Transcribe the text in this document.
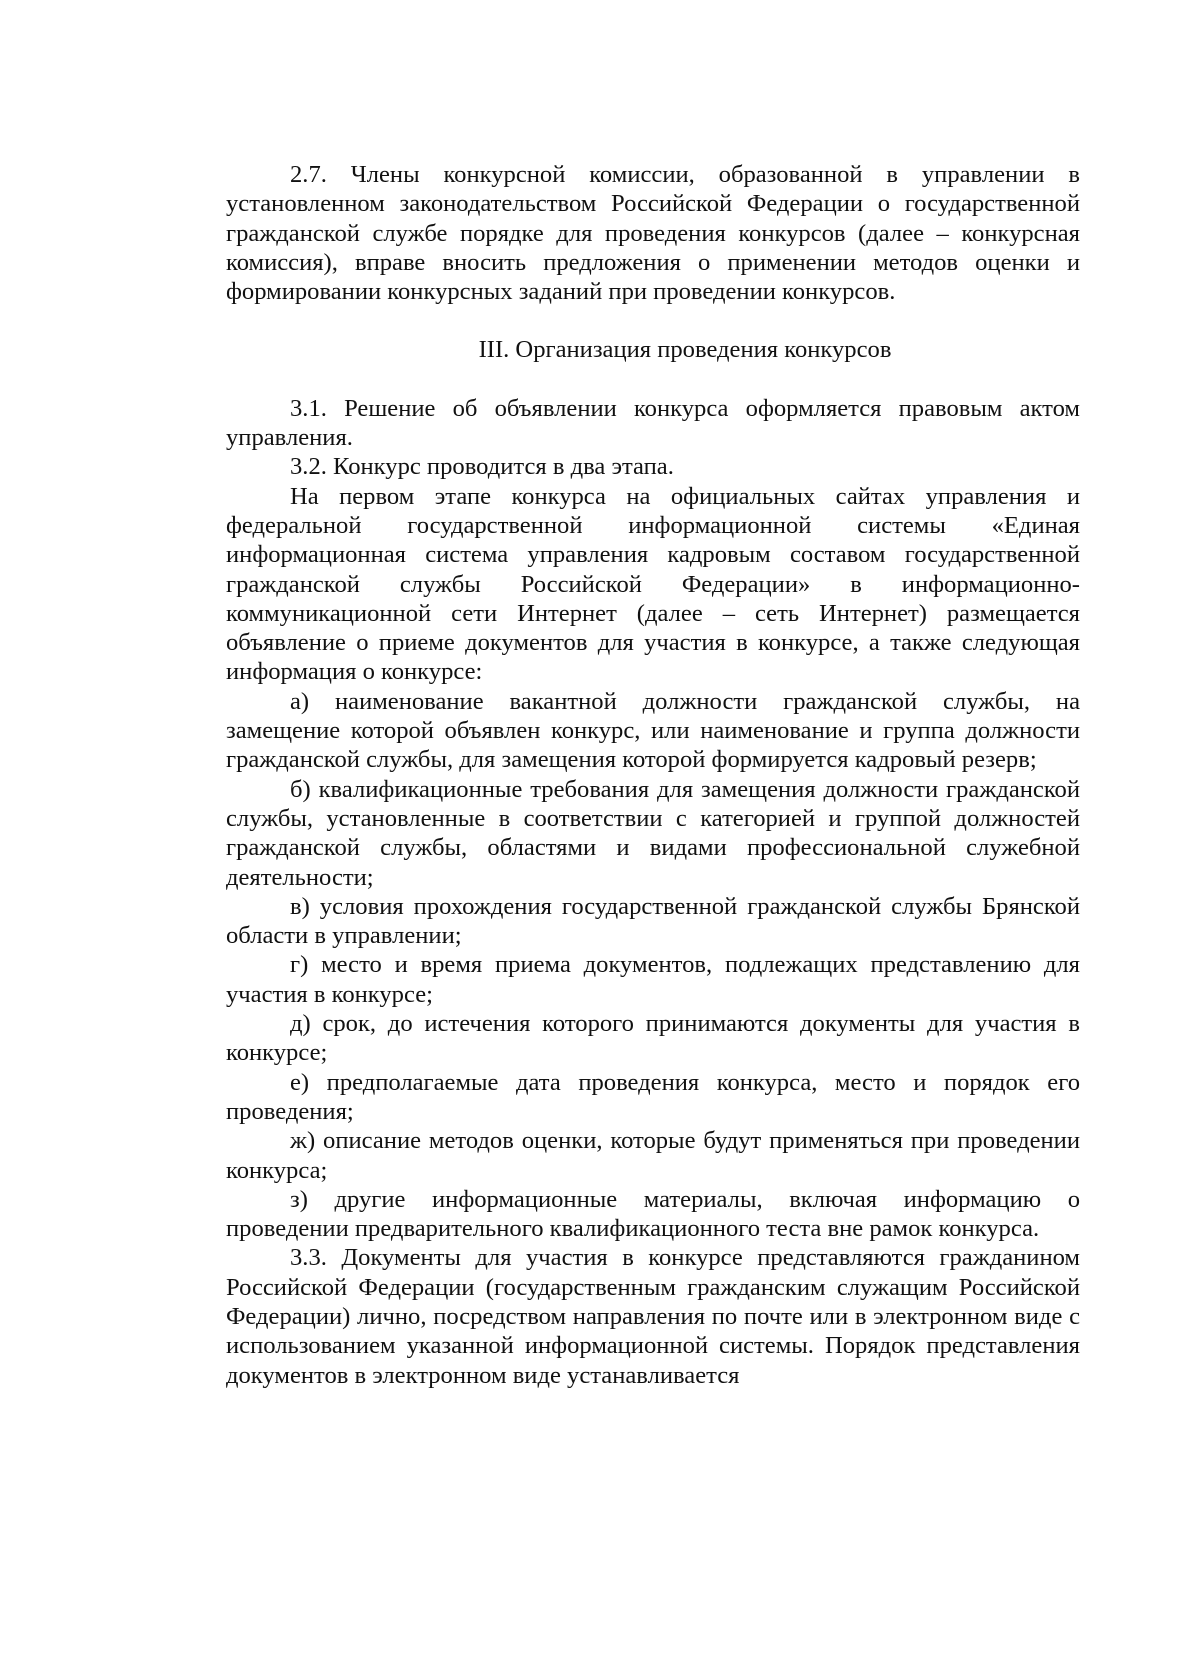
2.7. Члены конкурсной комиссии, образованной в управлении в установленном законодательством Российской Федерации о государственной гражданской службе порядке для проведения конкурсов (далее – конкурсная комиссия), вправе вносить предложения о применении методов оценки и формировании конкурсных заданий при проведении конкурсов.

III. Организация проведения конкурсов

3.1. Решение об объявлении конкурса оформляется правовым актом управления.

3.2. Конкурс проводится в два этапа.

На первом этапе конкурса на официальных сайтах управления и федеральной государственной информационной системы «Единая информационная система управления кадровым составом государственной гражданской службы Российской Федерации» в информационно-коммуникационной сети Интернет (далее – сеть Интернет) размещается объявление о приеме документов для участия в конкурсе, а также следующая информация о конкурсе:

а) наименование вакантной должности гражданской службы, на замещение которой объявлен конкурс, или наименование и группа должности гражданской службы, для замещения которой формируется кадровый резерв;

б) квалификационные требования для замещения должности гражданской службы, установленные в соответствии с категорией и группой должностей гражданской службы, областями и видами профессиональной служебной деятельности;

в) условия прохождения государственной гражданской службы Брянской области в управлении;

г) место и время приема документов, подлежащих представлению для участия в конкурсе;

д) срок, до истечения которого принимаются документы для участия в конкурсе;

е) предполагаемые дата проведения конкурса, место и порядок его проведения;

ж) описание методов оценки, которые будут применяться при проведении конкурса;

з) другие информационные материалы, включая информацию о проведении предварительного квалификационного теста вне рамок конкурса.

3.3. Документы для участия в конкурсе представляются гражданином Российской Федерации (государственным гражданским служащим Российской Федерации) лично, посредством направления по почте или в электронном виде с использованием указанной информационной системы. Порядок представления документов в электронном виде устанавливается
